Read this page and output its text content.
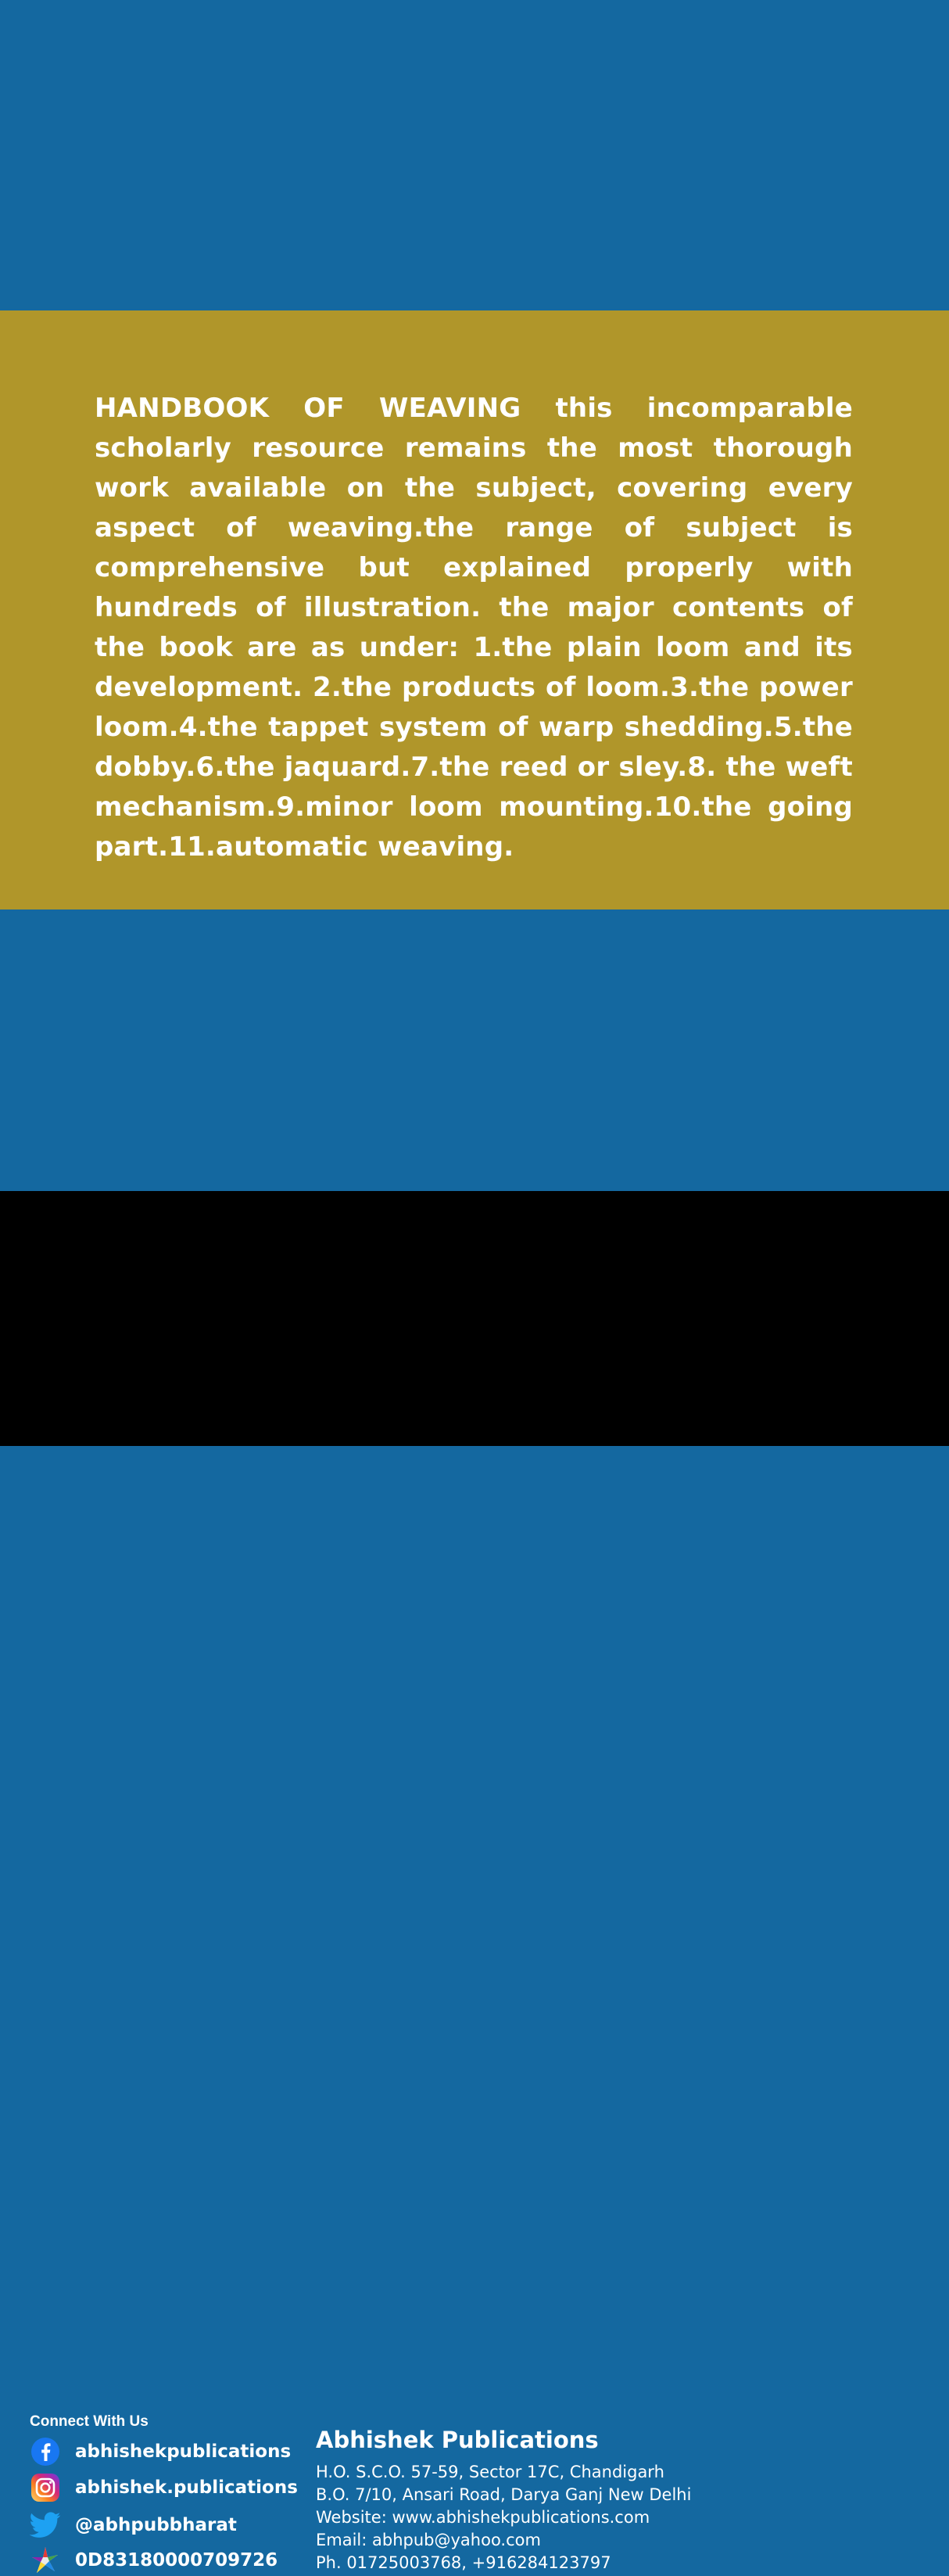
HANDBOOK OF WEAVING this incomparable scholarly resource remains the most thorough work available on the subject, covering every aspect of weaving.the range of subject is comprehensive but explained properly with hundreds of illustration. the major contents of the book are as under: 1.the plain loom and its development. 2.the products of loom.3.the power loom.4.the tappet system of warp shedding.5.the dobby.6.the jaquard.7.the reed or sley.8. the weft mechanism.9.minor loom mounting.10.the going part.11.automatic weaving.

Connect With Us
abhishekpublications
abhishek.publications
@abhpubbharat
0D83180000709726

Abhishek Publications

H.O. S.C.O. 57-59, Sector 17C, Chandigarh

B.O. 7/10, Ansari Road, Darya Ganj New Delhi

Website: www.abhishekpublications.com

Email: abhpub@yahoo.com

Ph. 01725003768, +916284123797
